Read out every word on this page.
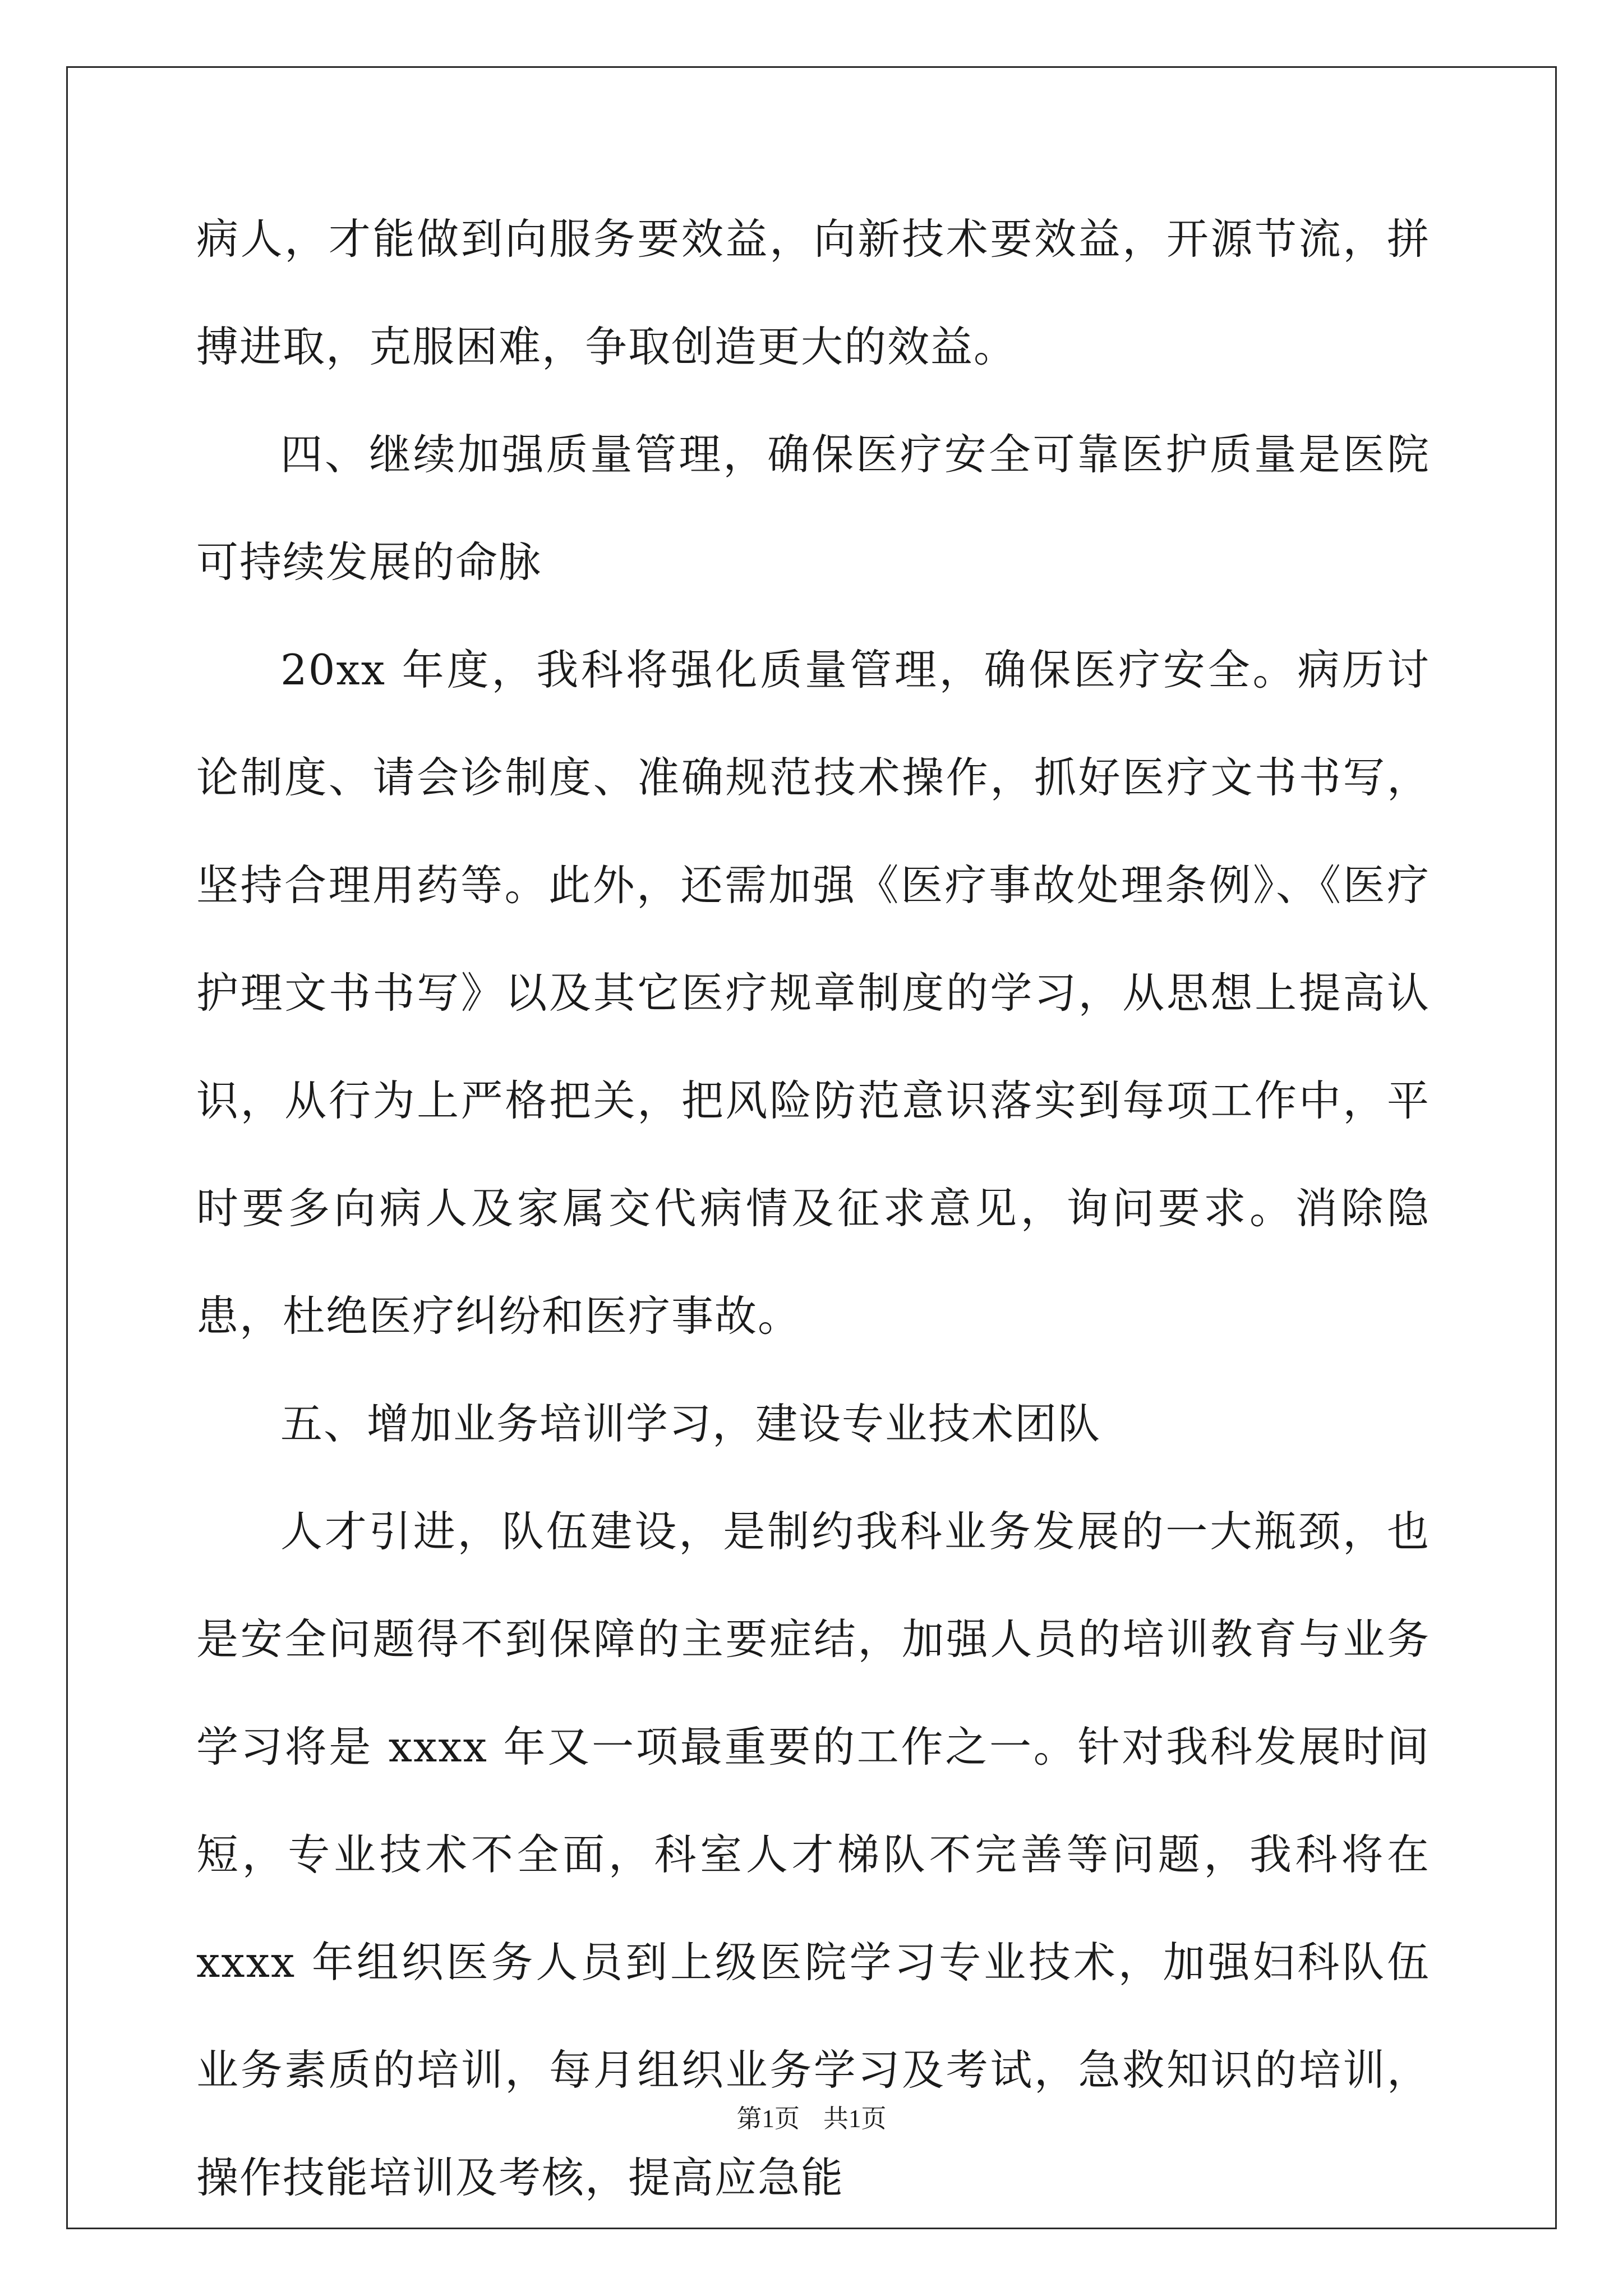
病人，才能做到向服务要效益，向新技术要效益，开源节流，拼搏进取，克服困难，争取创造更大的效益。

四、继续加强质量管理，确保医疗安全可靠医护质量是医院可持续发展的命脉

20xx 年度，我科将强化质量管理，确保医疗安全。病历讨论制度、请会诊制度、准确规范技术操作，抓好医疗文书书写，坚持合理用药等。此外，还需加强《医疗事故处理条例》、《医疗护理文书书写》以及其它医疗规章制度的学习，从思想上提高认识，从行为上严格把关，把风险防范意识落实到每项工作中，平时要多向病人及家属交代病情及征求意见，询问要求。消除隐患，杜绝医疗纠纷和医疗事故。

五、增加业务培训学习，建设专业技术团队

人才引进，队伍建设，是制约我科业务发展的一大瓶颈，也是安全问题得不到保障的主要症结，加强人员的培训教育与业务学习将是 xxxx 年又一项最重要的工作之一。针对我科发展时间短，专业技术不全面，科室人才梯队不完善等问题，我科将在 xxxx 年组织医务人员到上级医院学习专业技术，加强妇科队伍业务素质的培训，每月组织业务学习及考试，急救知识的培训，操作技能培训及考核，提高应急能

第1页 共1页
